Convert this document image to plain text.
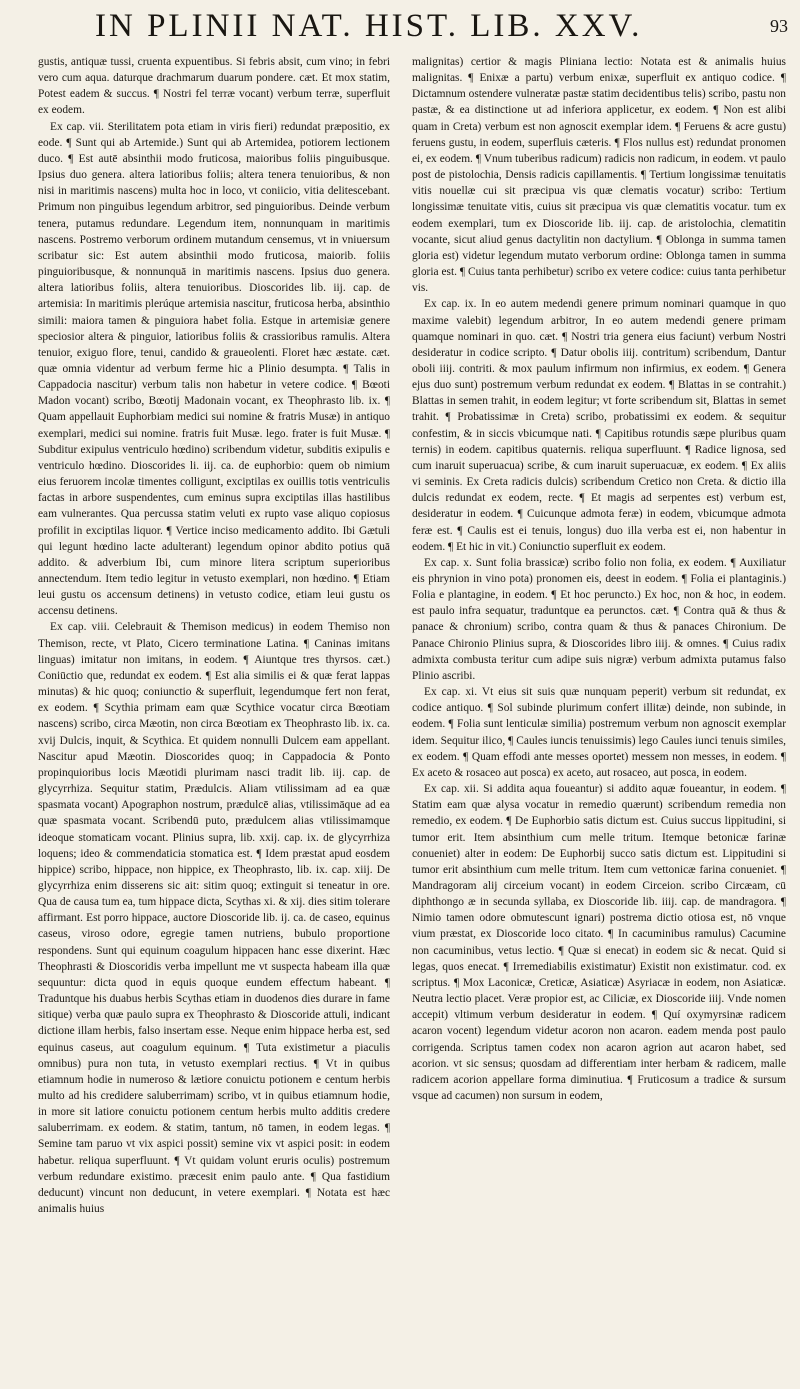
IN PLINII NAT. HIST. LIB. XXV.	93

gustis, antiquæ tussi, cruenta expuentibus. Si febris absit, cum vino; in febri vero cum aqua. daturque drachmarum duarum pondere. cæt. Et mox statim, Potest eadem & succus. ¶ Nostri fel terræ vocant) verbum terræ, superfluit ex eodem.

Ex cap. vii. Sterilitatem pota etiam in viris fieri) redundat præpositio, ex eode. ¶ Sunt qui ab Artemide.) Sunt qui ab Artemidea, potiorem lectionem duco. ¶ Est autē absinthii modo fruticosa, maioribus foliis pinguibusque. Ipsius duo genera. altera latioribus foliis; altera tenera tenuioribus, & non nisi in maritimis nascens) multa hoc in loco, vt coniicio, vitia delitescebant. Primum non pinguibus legendum arbitror, sed pinguioribus. Deinde verbum tenera, putamus redundare. Legendum item, nonnunquam in maritimis nascens. Postremo verborum ordinem mutandum censemus, vt in vniuersum scribatur sic: Est autem absinthii modo fruticosa, maiorib. foliis pinguioribusque, & nonnunquā in maritimis nascens. Ipsius duo genera. altera latioribus foliis, altera tenuioribus. Dioscorides lib. iij. cap. de artemisia: In maritimis plerúque artemisia nascitur, fruticosa herba, absinthio simili: maiora tamen & pinguiora habet folia. Estque in artemisiæ genere speciosior altera & pinguior, latioribus foliis & crassioribus ramulis. Altera tenuior, exiguo flore, tenui, candido & graueolenti. Floret hæc æstate. cæt. quæ omnia videntur ad verbum ferme hic a Plinio desumpta. ¶ Talis in Cappadocia nascitur) verbum talis non habetur in vetere codice. ¶ Bœoti Madon vocant) scribo, Bœotij Madonain vocant, ex Theophrasto lib. ix. ¶ Quam appellauit Euphorbiam medici sui nomine & fratris Musæ) in antiquo exemplari, medici sui nomine. fratris fuit Musæ. lego. frater is fuit Musæ. ¶ Subditur exipulus ventriculo hœdino) scribendum videtur, subditis exipulis e ventriculo hœdino. Dioscorides li. iij. ca. de euphorbio: quem ob nimium eius feruorem incolæ timentes colligunt, exciptilas ex ouillis totis ventriculis factas in arbore suspendentes, cum eminus supra exciptilas illas hastilibus eam vulnerantes. Qua percussa statim veluti ex rupto vase aliquo copiosus profilit in exciptilas liquor. ¶ Vertice inciso medicamento addito. Ibi Gætuli qui legunt hœdino lacte adulterant) legendum opinor abdito potius quā addito. & adverbium Ibi, cum minore litera scriptum superioribus annectendum. Item tedio legitur in vetusto exemplari, non hœdino. ¶ Etiam leui gustu os accensum detinens) in vetusto codice, etiam leui gustu os accensu detinens.

Ex cap. viii. Celebrauit & Themison medicus) in eodem Themiso non Themison, recte, vt Plato, Cicero terminatione Latina. ¶ Caninas imitans linguas) imitatur non imitans, in eodem. ¶ Aiuntque tres thyrsos. cæt.) Coniūctio que, redundat ex eodem. ¶ Est alia similis ei & quæ ferat lappas minutas) & hic quoq; coniunctio & superfluit, legendumque fert non ferat, ex eodem. ¶ Scythia primam eam quæ Scythice vocatur circa Bœotiam nascens) scribo, circa Mæotin, non circa Bœotiam ex Theophrasto lib. ix. ca. xvij Dulcis, inquit, & Scythica. Et quidem nonnulli Dulcem eam appellant. Nascitur apud Mæotin. Dioscorides quoq; in Cappadocia & Ponto propinquioribus locis Mæotidi plurimam nasci tradit lib. iij. cap. de glycyrrhiza. Sequitur statim, Prædulcis. Aliam vtilissimam ad ea quæ spasmata vocant) Apographon nostrum, prædulcē alias, vtilissimāque ad ea quæ spasmata vocant. Scribendū puto, prædulcem alias vtilissimamque ideoque stomaticam vocant. Plinius supra, lib. xxij. cap. ix. de glycyrrhiza loquens; ideo & commendaticia stomatica est. ¶ Idem præstat apud eosdem hippice) scribo, hippace, non hippice, ex Theophrasto, lib. ix. cap. xiij. De glycyrrhiza enim disserens sic ait: sitim quoq; extinguit si teneatur in ore. Qua de causa tum ea, tum hippace dicta, Scythas xi. & xij. dies sitim tolerare affirmant. Est porro hippace, auctore Dioscoride lib. ij. ca. de caseo, equinus caseus, viroso odore, egregie tamen nutriens, bubulo proportione respondens. Sunt qui equinum coagulum hippacen hanc esse dixerint. Hæc Theophrasti & Dioscoridis verba impellunt me vt suspecta habeam illa quæ sequuntur: dicta quod in equis quoque eundem effectum habeant. ¶ Traduntque his duabus herbis Scythas etiam in duodenos dies durare in fame sitique) verba quæ paulo supra ex Theophrasto & Dioscoride attuli, indicant dictione illam herbis, falso insertam esse. Neque enim hippace herba est, sed equinus caseus, aut coagulum equinum. ¶ Tuta existimetur a piaculis omnibus) pura non tuta, in vetusto exemplari rectius. ¶ Vt in quibus etiamnum hodie in numeroso & lætiore conuictu potionem e centum herbis multo ad his credidere saluberrimam) scribo, vt in quibus etiamnum hodie, in more sit latiore conuictu potionem centum herbis multo additis credere saluberrimam. ex eodem. & statim, tantum, nō tamen, in eodem legas. ¶ Semine tam paruo vt vix aspici possit) semine vix vt aspici posit: in eodem habetur. reliqua superfluunt. ¶ Vt quidam volunt eruris oculis) postremum verbum redundare existimo. præcesit enim paulo ante. ¶ Qua fastidium deducunt) vincunt non deducunt, in vetere exemplari. ¶ Notata est hæc animalis huius

malignitas) certior & magis Pliniana lectio: Notata est & animalis huius malignitas. ¶ Enixæ a partu) verbum enixæ, superfluit ex antiquo codice. ¶ Dictamnum ostendere vulneratæ pastæ statim decidentibus telis) scribo, pastu non pastæ, & ea distinctione ut ad inferiora applicetur, ex eodem. ¶ Non est alibi quam in Creta) verbum est non agnoscit exemplar idem. ¶ Feruens & acre gustu) feruens gustu, in eodem, superfluis cæteris. ¶ Flos nullus est) redundat pronomen ei, ex eodem. ¶ Vnum tuberibus radicum) radicis non radicum, in eodem. vt paulo post de pistolochia, Densis radicis capillamentis. ¶ Tertium longissimæ tenuitatis vitis nouellæ cui sit præcipua vis quæ clematis vocatur) scribo: Tertium longissimæ tenuitate vitis, cuius sit præcipua vis quæ clematitis vocatur. tum ex eodem exemplari, tum ex Dioscoride lib. iij. cap. de aristolochia, clematitin vocante, sicut aliud genus dactylitin non dactylium. ¶ Oblonga in summa tamen gloria est) videtur legendum mutato verborum ordine: Oblonga tamen in summa gloria est. ¶ Cuius tanta perhibetur) scribo ex vetere codice: cuius tanta perhibetur vis.

Ex cap. ix. In eo autem medendi genere primum nominari quamque in quo maxime valebit) legendum arbitror, In eo autem medendi genere primam quamque nominari in quo. cæt. ¶ Nostri tria genera eius faciunt) verbum Nostri desideratur in codice scripto. ¶ Datur obolis iiij. contritum) scribendum, Dantur oboli iiij. contriti. & mox paulum infirmum non infirmius, ex eodem. ¶ Genera ejus duo sunt) postremum verbum redundat ex eodem. ¶ Blattas in se contrahit.) Blattas in semen trahit, in eodem legitur; vt forte scribendum sit, Blattas in semet trahit. ¶ Probatissimæ in Creta) scribo, probatissimi ex eodem. & sequitur confestim, & in siccis vbicumque nati. ¶ Capitibus rotundis sæpe pluribus quam ternis) in eodem. capitibus quaternis. reliqua superfluunt. ¶ Radice lignosa, sed cum inaruit superuacua) scribe, & cum inaruit superuacuæ, ex eodem. ¶ Ex aliis vi seminis. Ex Creta radicis dulcis) scribendum Cretico non Creta. & dictio illa dulcis redundat ex eodem, recte. ¶ Et magis ad serpentes est) verbum est, desideratur in eodem. ¶ Cuicunque admota feræ) in eodem, vbicumque admota feræ est. ¶ Caulis est ei tenuis, longus) duo illa verba est ei, non habentur in eodem. ¶ Et hic in vit.) Coniunctio superfluit ex eodem.

Ex cap. x. Sunt folia brassicæ) scribo folio non folia, ex eodem. ¶ Auxiliatur eis phrynion in vino pota) pronomen eis, deest in eodem. ¶ Folia ei plantaginis.) Folia e plantagine, in eodem. ¶ Et hoc peruncto.) Ex hoc, non & hoc, in eodem. est paulo infra sequatur, traduntque ea perunctos. cæt. ¶ Contra quā & thus & panace & chronium) scribo, contra quam & thus & panaces Chironium. De Panace Chironio Plinius supra, & Dioscorides libro iiij. & omnes. ¶ Cuius radix admixta combusta teritur cum adipe suis nigræ) verbum admixta putamus falso Plinio ascribi.

Ex cap. xi. Vt eius sit suis quæ nunquam peperit) verbum sit redundat, ex codice antiquo. ¶ Sol subinde plurimum confert illitæ) deinde, non subinde, in eodem. ¶ Folia sunt lenticulæ similia) postremum verbum non agnoscit exemplar idem. Sequitur ilico, ¶ Caules iuncis tenuissimis) lego Caules iunci tenuis similes, ex eodem. ¶ Quam effodi ante messes oportet) messem non messes, in eodem. ¶ Ex aceto & rosaceo aut posca) ex aceto, aut rosaceo, aut posca, in eodem.

Ex cap. xii. Si addita aqua foueantur) si addito aquæ foueantur, in eodem. ¶ Statim eam quæ alysa vocatur in remedio quærunt) scribendum remedia non remedio, ex eodem. ¶ De Euphorbio satis dictum est. Cuius succus lippitudini, si tumor erit. Item absinthium cum melle tritum. Itemque betonicæ farinæ conueniet) alter in eodem: De Euphorbij succo satis dictum est. Lippitudini si tumor erit absinthium cum melle tritum. Item cum vettonicæ farina conueniet. ¶ Mandragoram alij circeium vocant) in eodem Circeion. scribo Circæam, cū diphthongo æ in secunda syllaba, ex Dioscoride lib. iiij. cap. de mandragora. ¶ Nimio tamen odore obmutescunt ignari) postrema dictio otiosa est, nō vnque vium præstat, ex Dioscoride loco citato. ¶ In cacuminibus ramulus) Cacumine non cacuminibus, vetus lectio. ¶ Quæ si enecat) in eodem sic & necat. Quid si legas, quos enecat. ¶ Irremediabilis existimatur) Existit non existimatur. cod. ex scriptus. ¶ Mox Laconicæ, Creticæ, Asiaticæ) Asyriacæ in eodem, non Asiaticæ. Neutra lectio placet. Veræ propior est, ac Ciliciæ, ex Dioscoride iiij. Vnde nomen accepit) vltimum verbum desideratur in eodem. ¶ Quí oxymyrsinæ radicem acaron vocent) legendum videtur acoron non acaron. eadem menda post paulo corrigenda. Scriptus tamen codex non acaron agrion aut acaron habet, sed acorion. vt sic sensus; quosdam ad differentiam inter herbam & radicem, malle radicem acorion appellare forma diminutiua. ¶ Fruticosum a tradice & sursum vsque ad cacumen) non sursum in eodem,
